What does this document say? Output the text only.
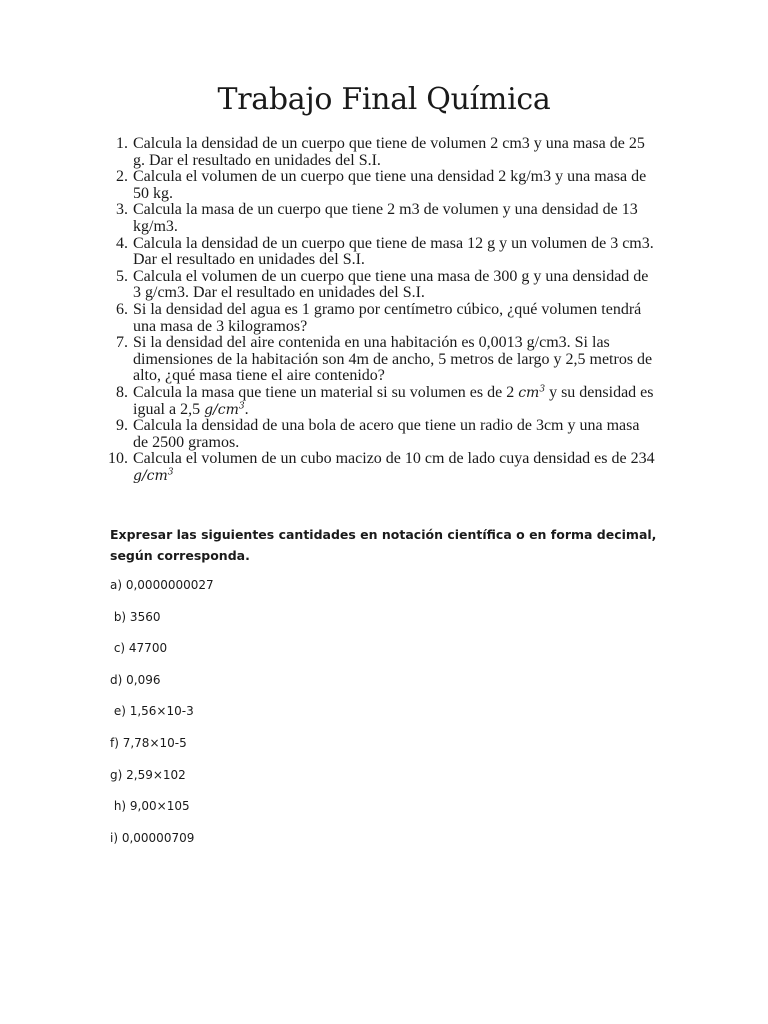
Trabajo Final Química
1. Calcula la densidad de un cuerpo que tiene de volumen 2 cm3 y una masa de 25 g. Dar el resultado en unidades del S.I.
2. Calcula el volumen de un cuerpo que tiene una densidad 2 kg/m3 y una masa de 50 kg.
3. Calcula la masa de un cuerpo que tiene 2 m3 de volumen y una densidad de 13 kg/m3.
4. Calcula la densidad de un cuerpo que tiene de masa 12 g y un volumen de 3 cm3. Dar el resultado en unidades del S.I.
5. Calcula el volumen de un cuerpo que tiene una masa de 300 g y una densidad de 3 g/cm3. Dar el resultado en unidades del S.I.
6. Si la densidad del agua es 1 gramo por centímetro cúbico, ¿qué volumen tendrá una masa de 3 kilogramos?
7. Si la densidad del aire contenida en una habitación es 0,0013 g/cm3. Si las dimensiones de la habitación son 4m de ancho, 5 metros de largo y 2,5 metros de alto, ¿qué masa tiene el aire contenido?
8. Calcula la masa que tiene un material si su volumen es de 2 $cm^3$ y su densidad es igual a 2,5 $g/cm^3$.
9. Calcula la densidad de una bola de acero que tiene un radio de 3cm y una masa de 2500 gramos.
10. Calcula el volumen de un cubo macizo de 10 cm de lado cuya densidad es de 234 $g/cm^3$

Expresar las siguientes cantidades en notación científica o en forma decimal, según corresponda.

a) 0,0000000027
b) 3560
c) 47700
d) 0,096
e) 1,56×10-3
f) 7,78×10-5
g) 2,59×102
h) 9,00×105
i) 0,00000709
